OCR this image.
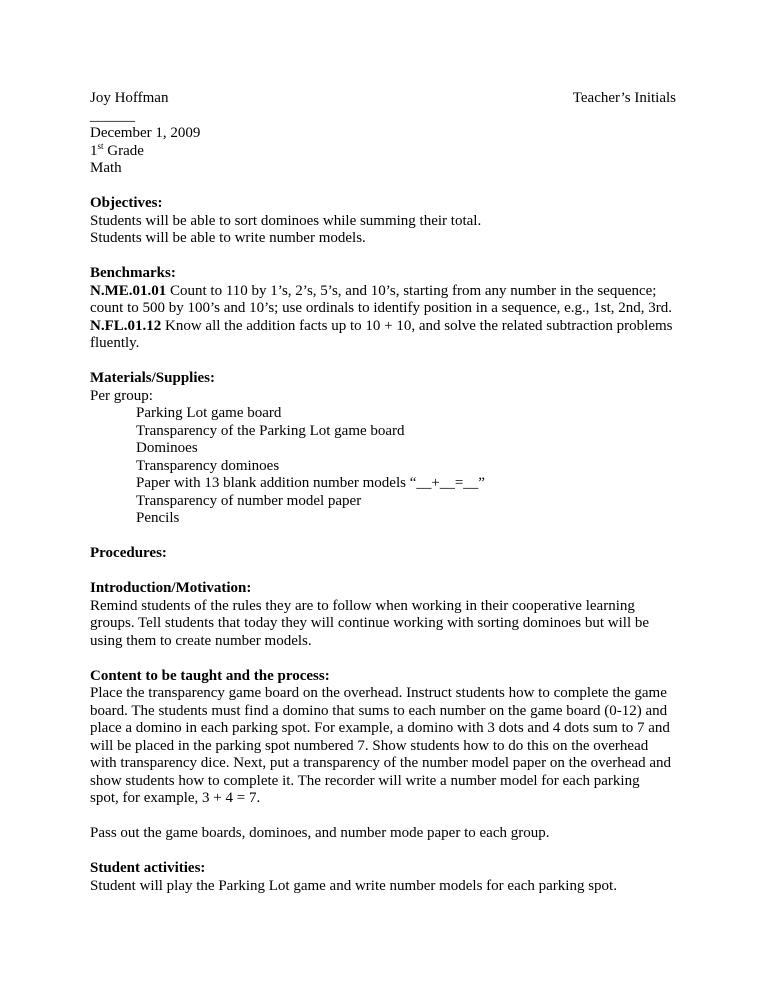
Joy Hoffman	Teacher’s Initials
______
December 1, 2009
1st Grade
Math
Objectives:
Students will be able to sort dominoes while summing their total.
Students will be able to write number models.
Benchmarks:
N.ME.01.01 Count to 110 by 1’s, 2’s, 5’s, and 10’s, starting from any number in the sequence;
count to 500 by 100’s and 10’s; use ordinals to identify position in a sequence, e.g., 1st, 2nd, 3rd.
N.FL.01.12 Know all the addition facts up to 10 + 10, and solve the related subtraction problems
fluently.
Materials/Supplies:
Per group:
Parking Lot game board
Transparency of the Parking Lot game board
Dominoes
Transparency dominoes
Paper with 13 blank addition number models “__+__=__”
Transparency of number model paper
Pencils
Procedures:
Introduction/Motivation:
Remind students of the rules they are to follow when working in their cooperative learning
groups. Tell students that today they will continue working with sorting dominoes but will be
using them to create number models.
Content to be taught and the process:
Place the transparency game board on the overhead. Instruct students how to complete the game
board. The students must find a domino that sums to each number on the game board (0-12) and
place a domino in each parking spot. For example, a domino with 3 dots and 4 dots sum to 7 and
will be placed in the parking spot numbered 7. Show students how to do this on the overhead
with transparency dice. Next, put a transparency of the number model paper on the overhead and
show students how to complete it. The recorder will write a number model for each parking
spot, for example, 3 + 4 = 7.
Pass out the game boards, dominoes, and number mode paper to each group.
Student activities:
Student will play the Parking Lot game and write number models for each parking spot.
